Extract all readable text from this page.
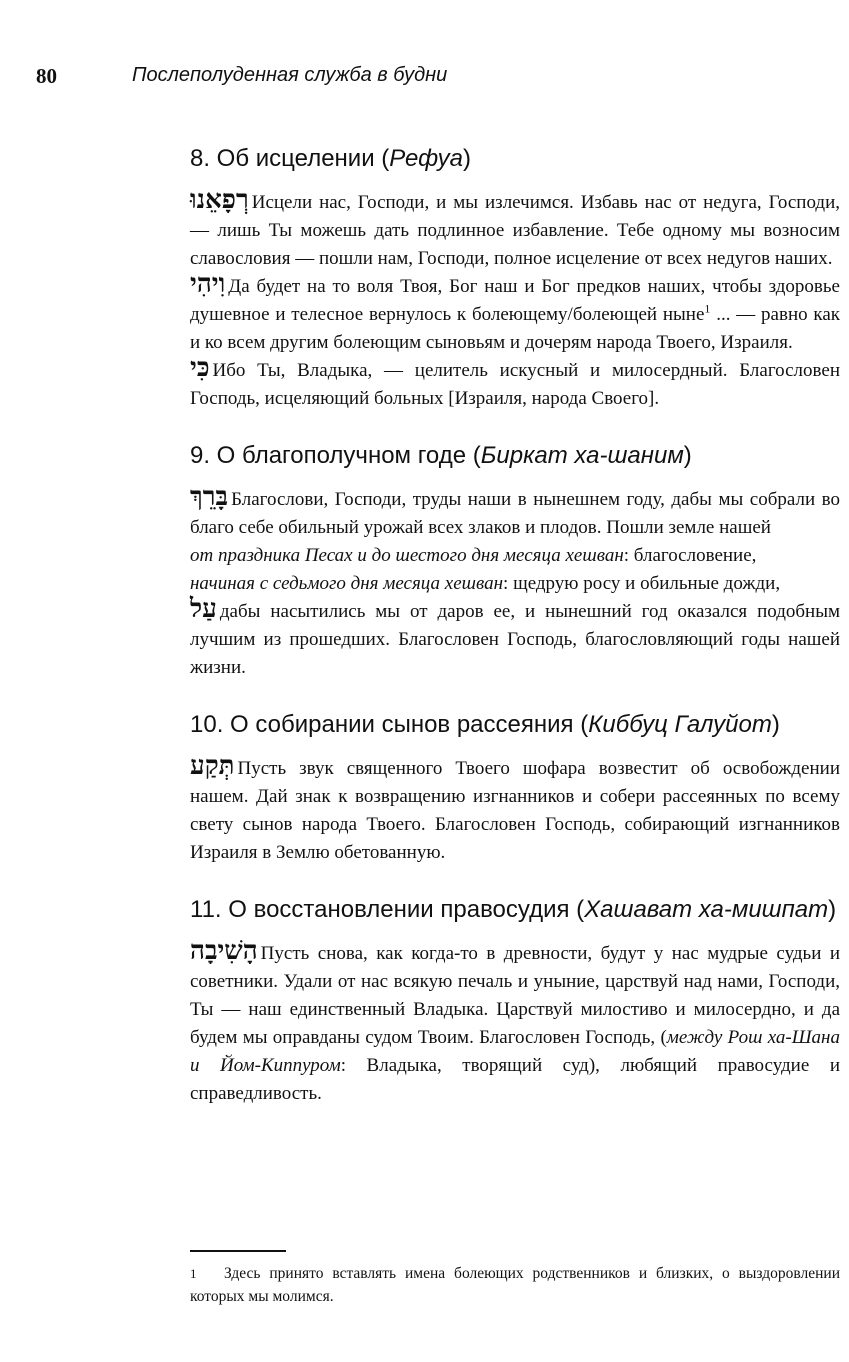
80	Послеполуденная служба в будни
8. Об исцелении (Рефуа)

רְפָאֵנוּ Исцели нас, Господи, и мы излечимся. Избавь нас от недуга, Господи, — лишь Ты можешь дать подлинное избавление. Тебе одному мы возносим славословия — пошли нам, Господи, полное исцеление от всех недугов наших.

וִיהִי Да будет на то воля Твоя, Бог наш и Бог предков наших, чтобы здоровье душевное и телесное вернулось к болеющему/болеющей ныне$^1$ ... — равно как и ко всем другим болеющим сыновьям и дочерям народа Твоего, Израиля.

כִּי Ибо Ты, Владыка, — целитель искусный и милосердный. Благословен Господь, исцеляющий больных [Израиля, народа Своего].

9. О благополучном годе (Биркат ха-шаним)

בָּרֵךְ Благослови, Господи, труды наши в нынешнем году, дабы мы собрали во благо себе обильный урожай всех злаков и плодов. Пошли земле нашей

от праздника Песах и до шестого дня месяца хешван: благословение,

начиная с седьмого дня месяца хешван: щедрую росу и обильные дожди,

עַל дабы насытились мы от даров ее, и нынешний год оказался подобным лучшим из прошедших. Благословен Господь, благословляющий годы нашей жизни.

10. О собирании сынов рассеяния (Киббуц Галуйот)

תְּקַע Пусть звук священного Твоего шофара возвестит об освобождении нашем. Дай знак к возвращению изгнанников и собери рассеянных по всему свету сынов народа Твоего. Благословен Господь, собирающий изгнанников Израиля в Землю обетованную.

11. О восстановлении правосудия (Хашават ха-мишпат)

הָשִׁיבָה Пусть снова, как когда-то в древности, будут у нас мудрые судьи и советники. Удали от нас всякую печаль и уныние, царствуй над нами, Господи, Ты — наш единственный Владыка. Царствуй милостиво и милосердно, и да будем мы оправданы судом Твоим. Благословен Господь, (между Рош ха-Шана и Йом-Киппуром: Владыка, творящий суд), любящий правосудие и справедливость.

1 Здесь принято вставлять имена болеющих родственников и близких, о выздоровлении которых мы молимся.
